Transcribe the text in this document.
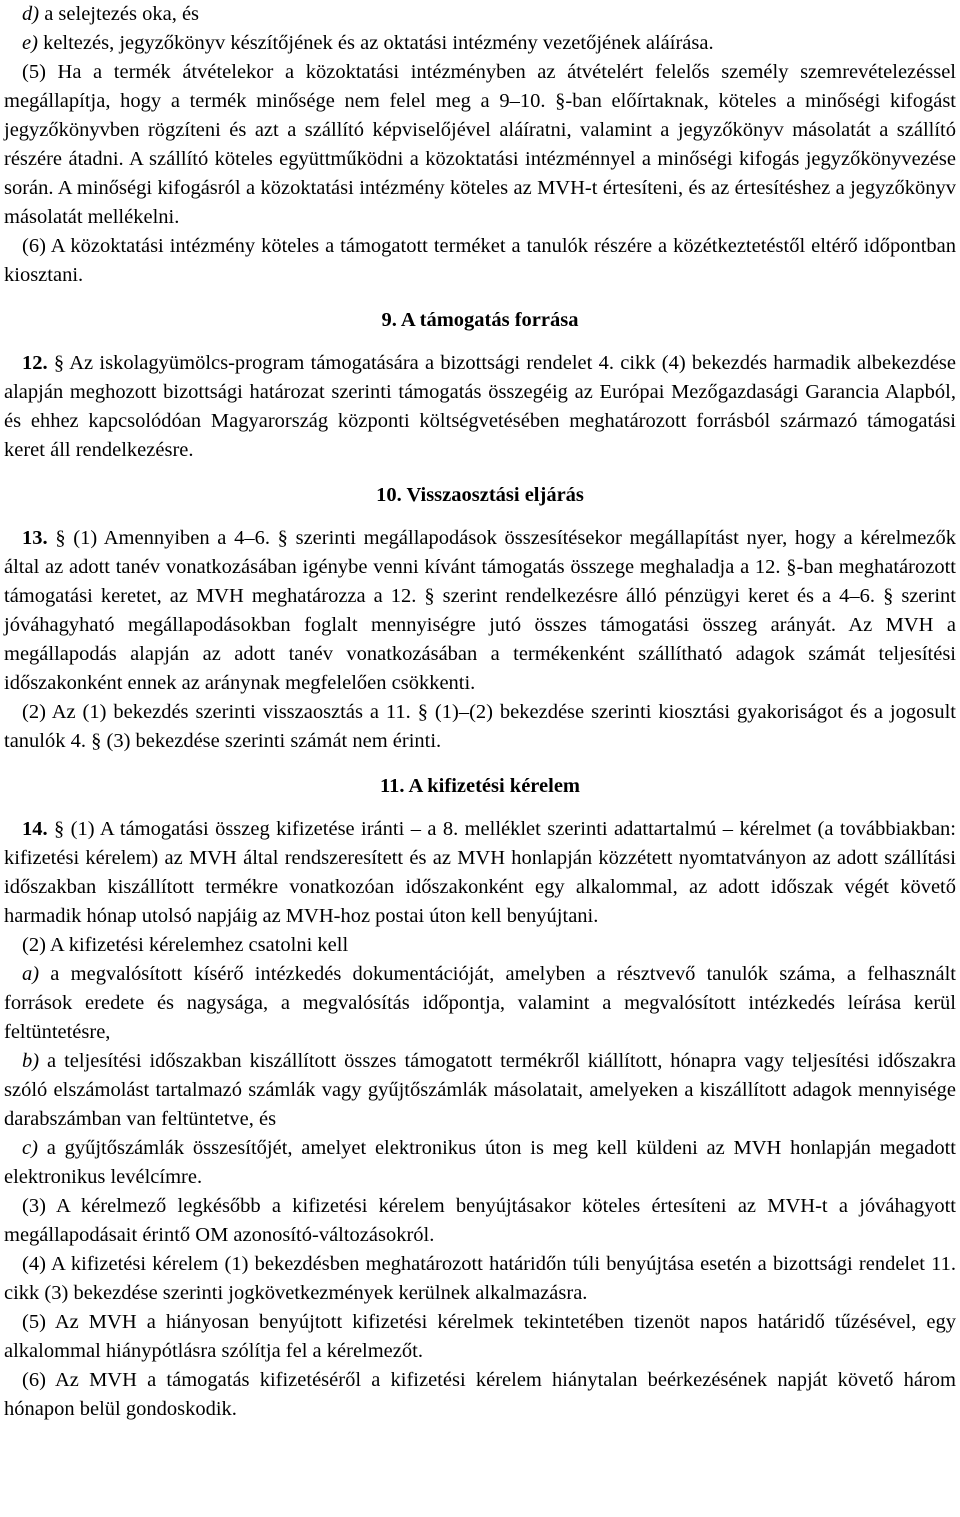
d) a selejtezés oka, és

e) keltezés, jegyzőkönyv készítőjének és az oktatási intézmény vezetőjének aláírása.

(5) Ha a termék átvételekor a közoktatási intézményben az átvételért felelős személy szemrevételezéssel megállapítja, hogy a termék minősége nem felel meg a 9–10. §-ban előírtaknak, köteles a minőségi kifogást jegyzőkönyvben rögzíteni és azt a szállító képviselőjével aláíratni, valamint a jegyzőkönyv másolatát a szállító részére átadni. A szállító köteles együttműködni a közoktatási intézménnyel a minőségi kifogás jegyzőkönyvezése során. A minőségi kifogásról a közoktatási intézmény köteles az MVH-t értesíteni, és az értesítéshez a jegyzőkönyv másolatát mellékelni.

(6) A közoktatási intézmény köteles a támogatott terméket a tanulók részére a közétkeztetéstől eltérő időpontban kiosztani.

9. A támogatás forrása

12. § Az iskolagyümölcs-program támogatására a bizottsági rendelet 4. cikk (4) bekezdés harmadik albekezdése alapján meghozott bizottsági határozat szerinti támogatás összegéig az Európai Mezőgazdasági Garancia Alapból, és ehhez kapcsolódóan Magyarország központi költségvetésében meghatározott forrásból származó támogatási keret áll rendelkezésre.

10. Visszaosztási eljárás

13. § (1) Amennyiben a 4–6. § szerinti megállapodások összesítésekor megállapítást nyer, hogy a kérelmezők által az adott tanév vonatkozásában igénybe venni kívánt támogatás összege meghaladja a 12. §-ban meghatározott támogatási keretet, az MVH meghatározza a 12. § szerint rendelkezésre álló pénzügyi keret és a 4–6. § szerint jóváhagyható megállapodásokban foglalt mennyiségre jutó összes támogatási összeg arányát. Az MVH a megállapodás alapján az adott tanév vonatkozásában a termékenként szállítható adagok számát teljesítési időszakonként ennek az aránynak megfelelően csökkenti.

(2) Az (1) bekezdés szerinti visszaosztás a 11. § (1)–(2) bekezdése szerinti kiosztási gyakoriságot és a jogosult tanulók 4. § (3) bekezdése szerinti számát nem érinti.

11. A kifizetési kérelem

14. § (1) A támogatási összeg kifizetése iránti – a 8. melléklet szerinti adattartalmú – kérelmet (a továbbiakban: kifizetési kérelem) az MVH által rendszeresített és az MVH honlapján közzétett nyomtatványon az adott szállítási időszakban kiszállított termékre vonatkozóan időszakonként egy alkalommal, az adott időszak végét követő harmadik hónap utolsó napjáig az MVH-hoz postai úton kell benyújtani.

(2) A kifizetési kérelemhez csatolni kell

a) a megvalósított kísérő intézkedés dokumentációját, amelyben a résztvevő tanulók száma, a felhasznált források eredete és nagysága, a megvalósítás időpontja, valamint a megvalósított intézkedés leírása kerül feltüntetésre,

b) a teljesítési időszakban kiszállított összes támogatott termékről kiállított, hónapra vagy teljesítési időszakra szóló elszámolást tartalmazó számlák vagy gyűjtőszámlák másolatait, amelyeken a kiszállított adagok mennyisége darabszámban van feltüntetve, és

c) a gyűjtőszámlák összesítőjét, amelyet elektronikus úton is meg kell küldeni az MVH honlapján megadott elektronikus levélcímre.

(3) A kérelmező legkésőbb a kifizetési kérelem benyújtásakor köteles értesíteni az MVH-t a jóváhagyott megállapodásait érintő OM azonosító-változásokról.

(4) A kifizetési kérelem (1) bekezdésben meghatározott határidőn túli benyújtása esetén a bizottsági rendelet 11. cikk (3) bekezdése szerinti jogkövetkezmények kerülnek alkalmazásra.

(5) Az MVH a hiányosan benyújtott kifizetési kérelmek tekintetében tizenöt napos határidő tűzésével, egy alkalommal hiánypótlásra szólítja fel a kérelmezőt.

(6) Az MVH a támogatás kifizetéséről a kifizetési kérelem hiánytalan beérkezésének napját követő három hónapon belül gondoskodik.
